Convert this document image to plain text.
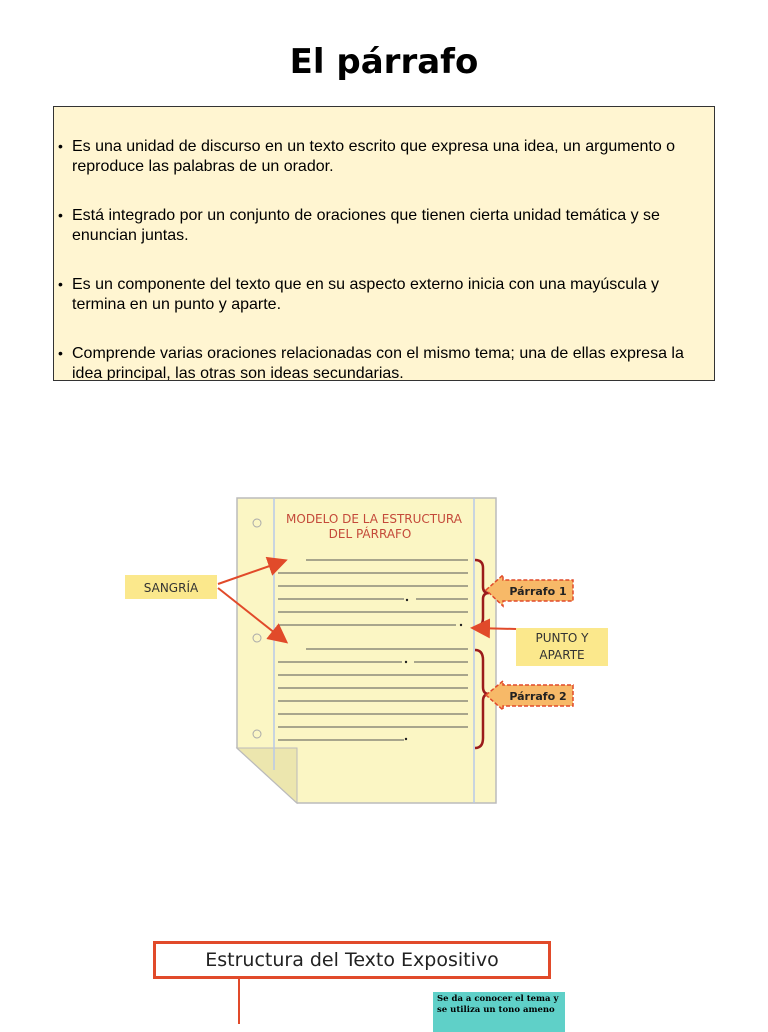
El párrafo
• Es una unidad de discurso en un texto escrito que expresa una idea, un argumento o reproduce las palabras de un orador.
• Está integrado por un conjunto de oraciones que tienen cierta unidad temática y se enuncian juntas.
• Es un componente del texto que en su aspecto externo inicia con una mayúscula y termina en un punto y aparte.
• Comprende varias oraciones relacionadas con el mismo tema; una de ellas expresa la idea principal, las otras son ideas secundarias.
MODELO DE LA ESTRUCTURA
DEL PÁRRAFO
SANGRÍA	Párrafo 1
PUNTO Y
APARTE
Párrafo 2
Estructura del Texto Expositivo
Se da a conocer el tema y se utiliza un tono ameno
